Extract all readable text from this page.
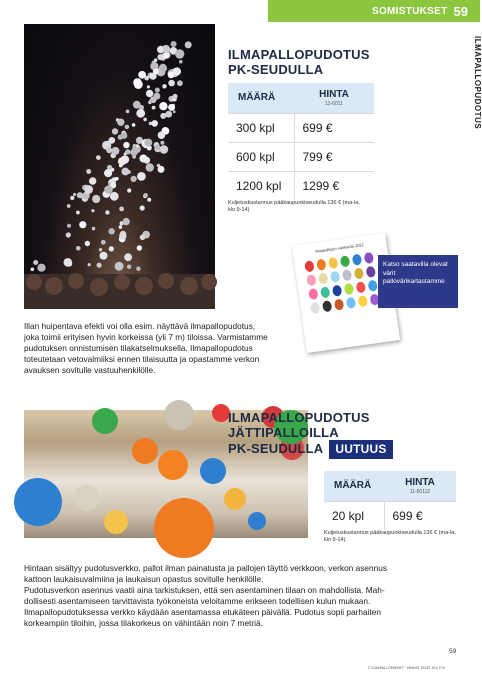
SOMISTUKSET 59
ILMAPALLOPUDOTUS
ILMAPALLOPUDOTUS
PK-SEUDULLA
MÄÄRÄ	HINTA
11-6011

300 kpl	699 €
600 kpl	799 €
1200 kpl	1299 €
Kuljetuskustannus pääkaupunkiseudulla 136 € (ma-la, klo 9-14)
Ilmapallojen värikartta 2021
Katso saatavilla olevat värit pallovärikartastamme
Illan huipentava efekti voi olla esim. näyttävä ilmapallopudotus,
joka toimii erityisen hyvin korkeissa (yli 7 m) tiloissa. Varmistamme
pudotuksen onnistumisen tilakatselmuksella. Ilmapallopudotus
toteutetaan vetovalmiiksi ennen tilaisuutta ja opastamme verkon
avauksen sovitulle vastuuhenkilölle.
ILMAPALLOPUDOTUS
JÄTTIPALLOILLA
PK-SEUDULLA UUTUUS
MÄÄRÄ	HINTA
11-60112

20 kpl	699 €
Kuljetuskustannus pääkaupunkiseudulla 136 € (ma-la, klo 9-14)
Hintaan sisältyy pudotusverkko, pallot ilman painatusta ja pallojen täyttö verkkoon, verkon asennus
kattoon laukaisuvalmiina ja laukaisun opastus sovitulle henkilölle.
Pudotusverkon asennus vaatii aina tarkistuksen, että sen asentaminen tilaan on mahdollista. Mah-
dollisesti asentamiseen tarvittavista työkoneista veloitamme erikseen todellisen kulun mukaan.
Ilmapallopudotuksessa verkko käydään asentamassa etukäteen päivällä. Pudotus sopii parhaiten
korkeampiin tiloihin, jossa tilakorkeus on vähintään noin 7 metriä.
59
© ILMAPALLOMIEHET · HINNAT EIVÄT ALV 0 %
